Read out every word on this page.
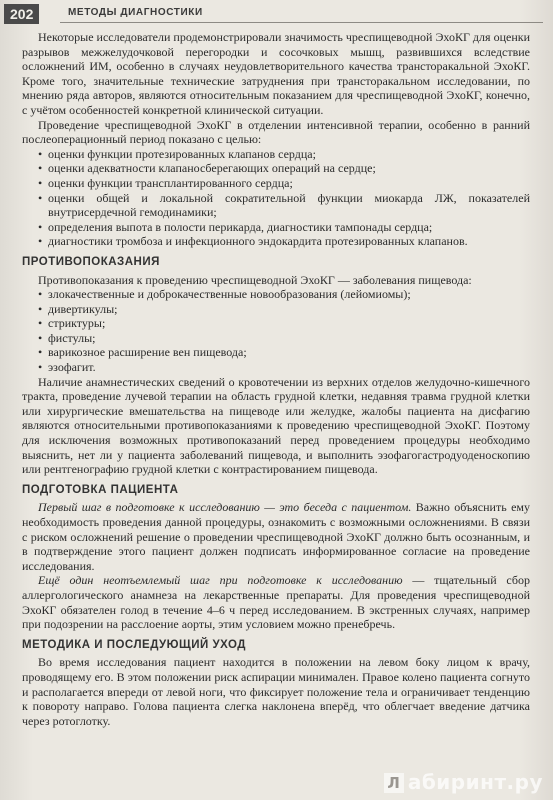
202	МЕТОДЫ ДИАГНОСТИКИ

Некоторые исследователи продемонстрировали значимость чреспищеводной ЭхоКГ для оценки разрывов межжелудочковой перегородки и сосочковых мышц, развившихся вследствие осложнений ИМ, особенно в случаях неудовлетворительного качества трансторакальной ЭхоКГ. Кроме того, значительные технические затруднения при трансторакальном исследовании, по мнению ряда авторов, являются относительным показанием для чреспищеводной ЭхоКГ, конечно, с учётом особенностей конкретной клинической ситуации.

Проведение чреспищеводной ЭхоКГ в отделении интенсивной терапии, особенно в ранний послеоперационный период показано с целью:

• оценки функции протезированных клапанов сердца;
• оценки адекватности клапаносберегающих операций на сердце;
• оценки функции трансплантированного сердца;
• оценки общей и локальной сократительной функции миокарда ЛЖ, показателей внутрисердечной гемодинамики;
• определения выпота в полости перикарда, диагностики тампонады сердца;
• диагностики тромбоза и инфекционного эндокардита протезированных клапанов.
ПРОТИВОПОКАЗАНИЯ

Противопоказания к проведению чреспищеводной ЭхоКГ — заболевания пищевода:

• злокачественные и доброкачественные новообразования (лейомиомы);
• дивертикулы;
• стриктуры;
• фистулы;
• варикозное расширение вен пищевода;
• эзофагит.

Наличие анамнестических сведений о кровотечении из верхних отделов желудочно-кишечного тракта, проведение лучевой терапии на область грудной клетки, недавняя травма грудной клетки или хирургические вмешательства на пищеводе или желудке, жалобы пациента на дисфагию являются относительными противопоказаниями к проведению чреспищеводной ЭхоКГ. Поэтому для исключения возможных противопоказаний перед проведением процедуры необходимо выяснить, нет ли у пациента заболеваний пищевода, и выполнить эзофагогастродуоденоскопию или рентгенографию грудной клетки с контрастированием пищевода.

ПОДГОТОВКА ПАЦИЕНТА

Первый шаг в подготовке к исследованию — это беседа с пациентом. Важно объяснить ему необходимость проведения данной процедуры, ознакомить с возможными осложнениями. В связи с риском осложнений решение о проведении чреспищеводной ЭхоКГ должно быть осознанным, и в подтверждение этого пациент должен подписать информированное согласие на проведение исследования.

Ещё один неотъемлемый шаг при подготовке к исследованию — тщательный сбор аллергологического анамнеза на лекарственные препараты. Для проведения чреспищеводной ЭхоКГ обязателен голод в течение 4–6 ч перед исследованием. В экстренных случаях, например при подозрении на расслоение аорты, этим условием можно пренебречь.

МЕТОДИКА И ПОСЛЕДУЮЩИЙ УХОД

Во время исследования пациент находится в положении на левом боку лицом к врачу, проводящему его. В этом положении риск аспирации минимален. Правое колено пациента согнуто и располагается впереди от левой ноги, что фиксирует положение тела и ограничивает тенденцию к повороту направо. Голова пациента слегка наклонена вперёд, что облегчает введение датчика через ротоглотку.

Л абиринт.ру
